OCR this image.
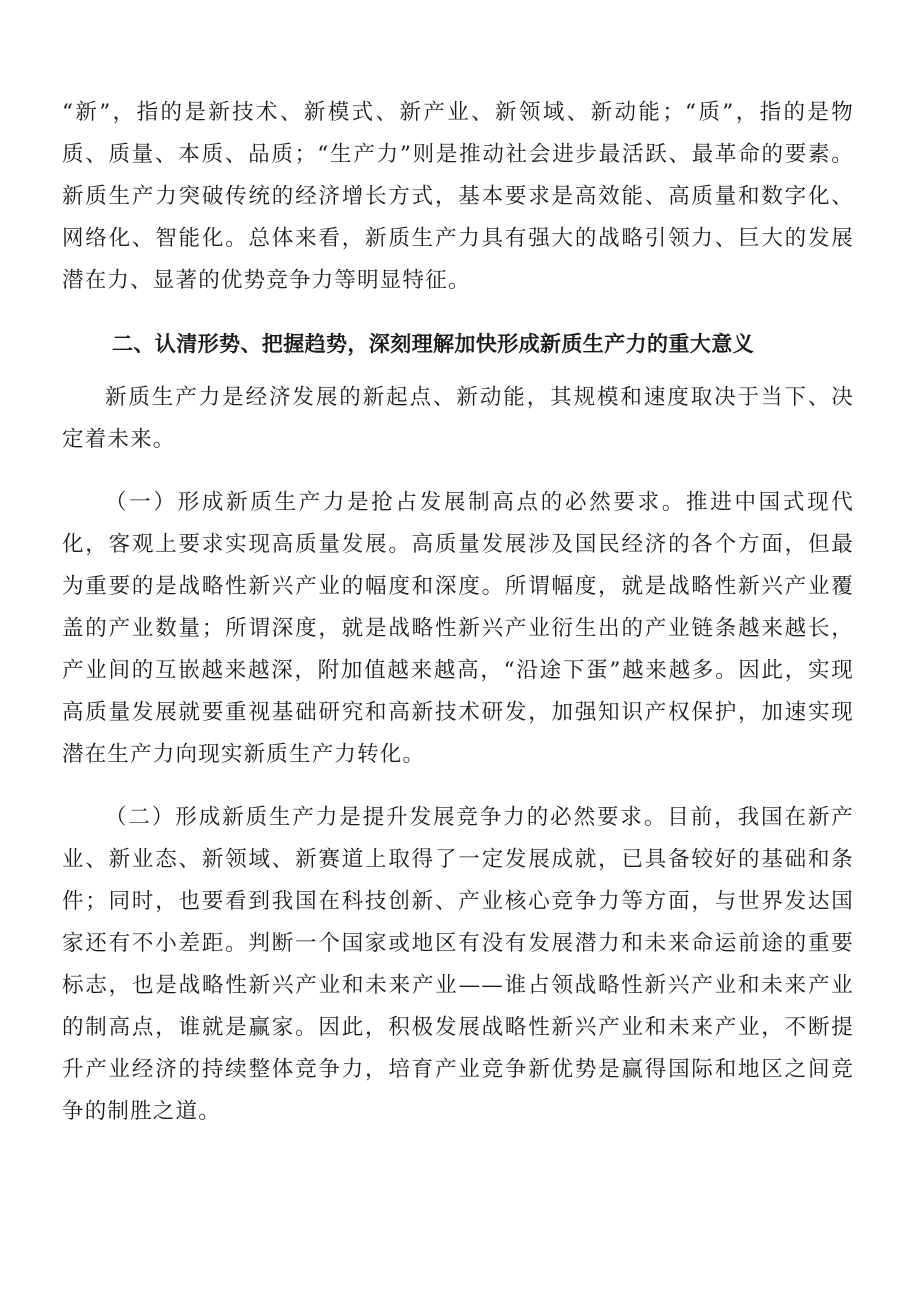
“新”，指的是新技术、新模式、新产业、新领域、新动能；“质”，指的是物质、质量、本质、品质；“生产力”则是推动社会进步最活跃、最革命的要素。新质生产力突破传统的经济增长方式，基本要求是高效能、高质量和数字化、网络化、智能化。总体来看，新质生产力具有强大的战略引领力、巨大的发展潜在力、显著的优势竞争力等明显特征。

二、认清形势、把握趋势，深刻理解加快形成新质生产力的重大意义

新质生产力是经济发展的新起点、新动能，其规模和速度取决于当下、决定着未来。

（一）形成新质生产力是抢占发展制高点的必然要求。推进中国式现代化，客观上要求实现高质量发展。高质量发展涉及国民经济的各个方面，但最为重要的是战略性新兴产业的幅度和深度。所谓幅度，就是战略性新兴产业覆盖的产业数量；所谓深度，就是战略性新兴产业衍生出的产业链条越来越长，产业间的互嵌越来越深，附加值越来越高，“沿途下蛋”越来越多。因此，实现高质量发展就要重视基础研究和高新技术研发，加强知识产权保护，加速实现潜在生产力向现实新质生产力转化。

（二）形成新质生产力是提升发展竞争力的必然要求。目前，我国在新产业、新业态、新领域、新赛道上取得了一定发展成就，已具备较好的基础和条件；同时，也要看到我国在科技创新、产业核心竞争力等方面，与世界发达国家还有不小差距。判断一个国家或地区有没有发展潜力和未来命运前途的重要标志，也是战略性新兴产业和未来产业——谁占领战略性新兴产业和未来产业的制高点，谁就是赢家。因此，积极发展战略性新兴产业和未来产业，不断提升产业经济的持续整体竞争力，培育产业竞争新优势是赢得国际和地区之间竞争的制胜之道。
